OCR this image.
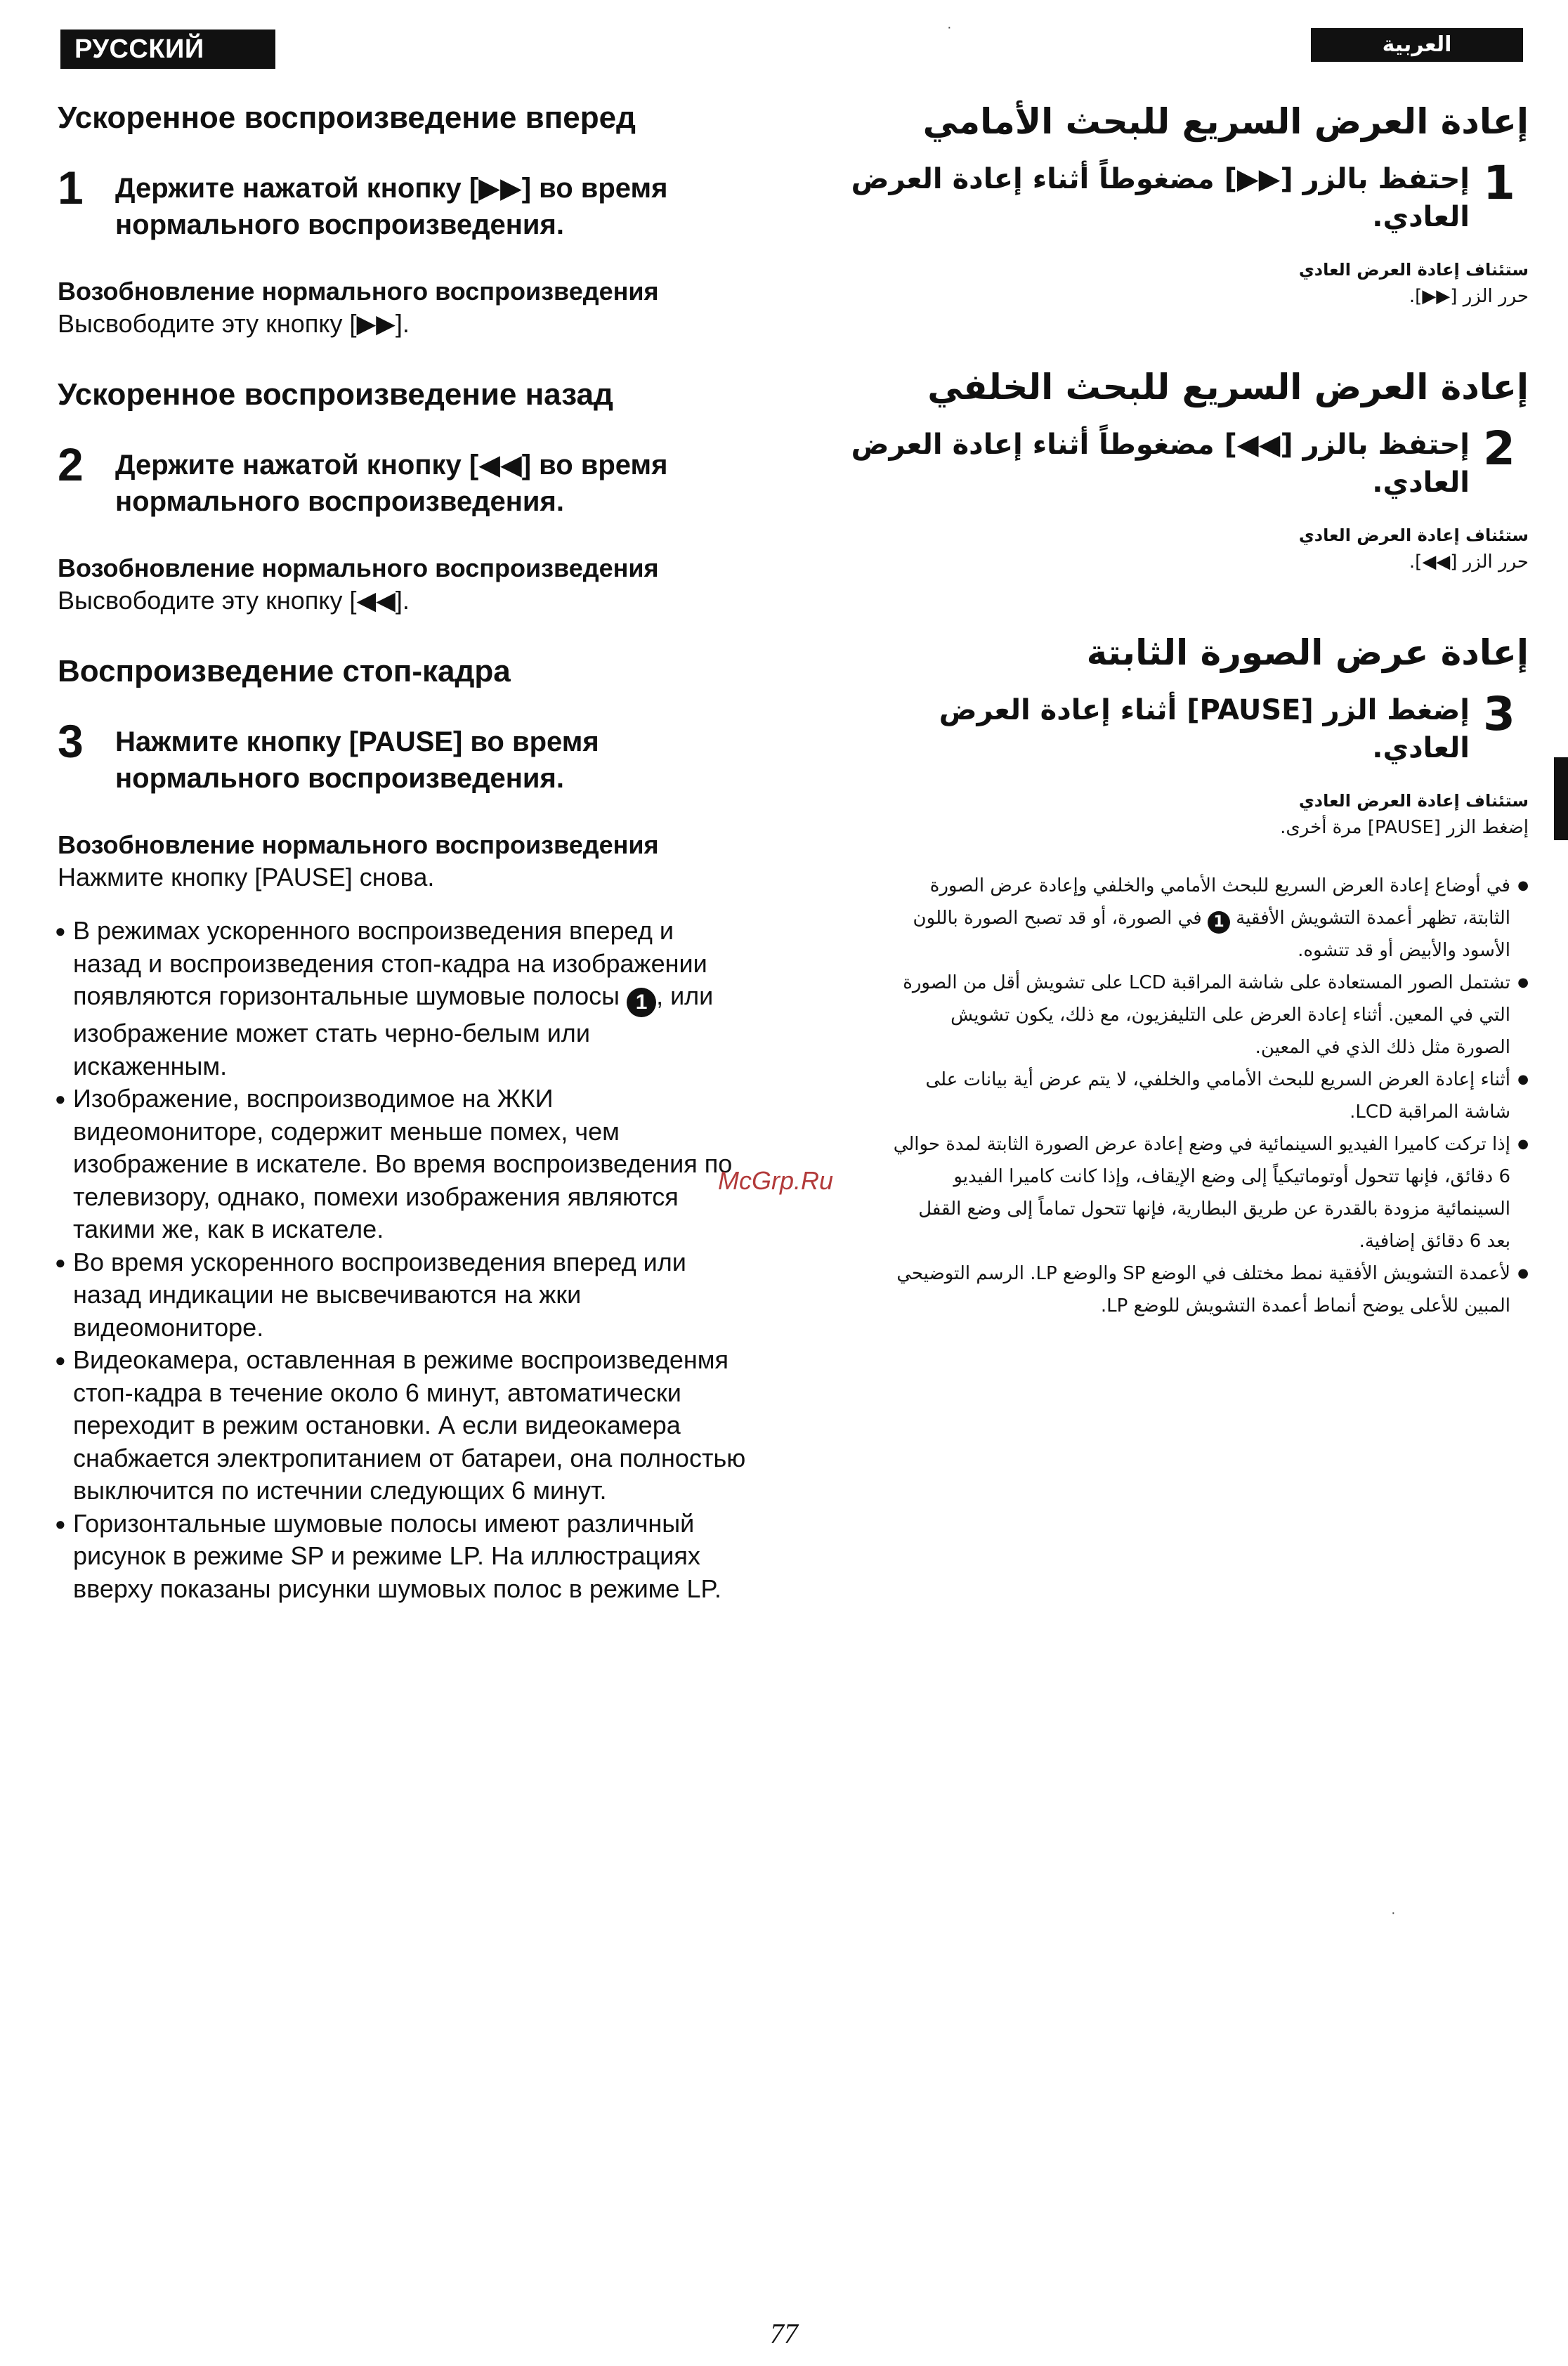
РУССКИЙ ЯЗЫК
العربية
Ускоренное воспроизведение вперед
1	Держите нажатой кнопку [▶▶] во время нормального воспроизведения.
Возобновление нормального воспроизведения
Высвободите эту кнопку [▶▶].
Ускоренное воспроизведение назад
2	Держите нажатой кнопку [◀◀] во время нормального воспроизведения.
Возобновление нормального воспроизведения
Высвободите эту кнопку [◀◀].
Воспроизведение стоп-кадра
3	Нажмите кнопку [PAUSE] во время нормального воспроизведения.
Возобновление нормального воспроизведения
Нажмите кнопку [PAUSE] снова.
● В режимах ускоренного воспроизведения вперед и назад и воспроизведения стоп-кадра на изображении появляются горизонтальные шумовые полосы 1 , или изображение может стать черно-белым или искаженным.
● Изображение, воспроизводимое на ЖКИ видеомониторе, содержит меньше помех, чем изображение в искателе. Во время воспроизведения по телевизору, однако, помехи изображения являются такими же, как в искателе.
● Во время ускоренного воспроизведения вперед или назад индикации не высвечиваются на жки видеомониторе.
● Видеокамера, оставленная в режиме воспроизведенмя стоп-кадра в течение около 6 минут, автоматически переходит в режим остановки. А если видеокамера снабжается электропитанием от батареи, она полностью выключится по истечнии следующих 6 минут.
● Горизонтальные шумовые полосы имеют различный рисунок в режиме SP и режиме LP. На иллюстрациях вверху показаны рисунки шумовых полос в режиме LP.
إعادة العرض السريع للبحث الأمامي
1
إحتفظ بالزر [▶▶] مضغوطاً أثناء إعادة العرض العادي.
ستئناف إعادة العرض العادي
حرر الزر [▶▶].
إعادة العرض السريع للبحث الخلفي
2
إحتفظ بالزر [◀◀] مضغوطاً أثناء إعادة العرض العادي.
ستئناف إعادة العرض العادي
حرر الزر [◀◀].
إعادة عرض الصورة الثابتة
3
إضغط الزر [PAUSE] أثناء إعادة العرض العادي.
ستئناف إعادة العرض العادي
إضغط الزر [PAUSE] مرة أخرى.
● في أوضاع إعادة العرض السريع للبحث الأمامي والخلفي وإعادة عرض الصورة الثابتة، تظهر أعمدة التشويش الأفقية 1 في الصورة، أو قد تصبح الصورة باللون الأسود والأبيض أو قد تتشوه.
● تشتمل الصور المستعادة على شاشة المراقبة LCD على تشويش أقل من الصورة التي في المعين. أثناء إعادة العرض على التليفزيون، مع ذلك، يكون تشويش الصورة مثل ذلك الذي في المعين.
● أثناء إعادة العرض السريع للبحث الأمامي والخلفي، لا يتم عرض أية بيانات على شاشة المراقبة LCD.
● إذا تركت كاميرا الفيديو السينمائية في وضع إعادة عرض الصورة الثابتة لمدة حوالي 6 دقائق، فإنها تتحول أوتوماتيكياً إلى وضع الإيقاف، وإذا كانت كاميرا الفيديو السينمائية مزودة بالقدرة عن طريق البطارية، فإنها تتحول تماماً إلى وضع القفل بعد 6 دقائق إضافية.
● لأعمدة التشويش الأفقية نمط مختلف في الوضع SP والوضع LP. الرسم التوضيحي المبين للأعلى يوضح أنماط أعمدة التشويش للوضع LP.
McGrp.Ru
77
·
·
